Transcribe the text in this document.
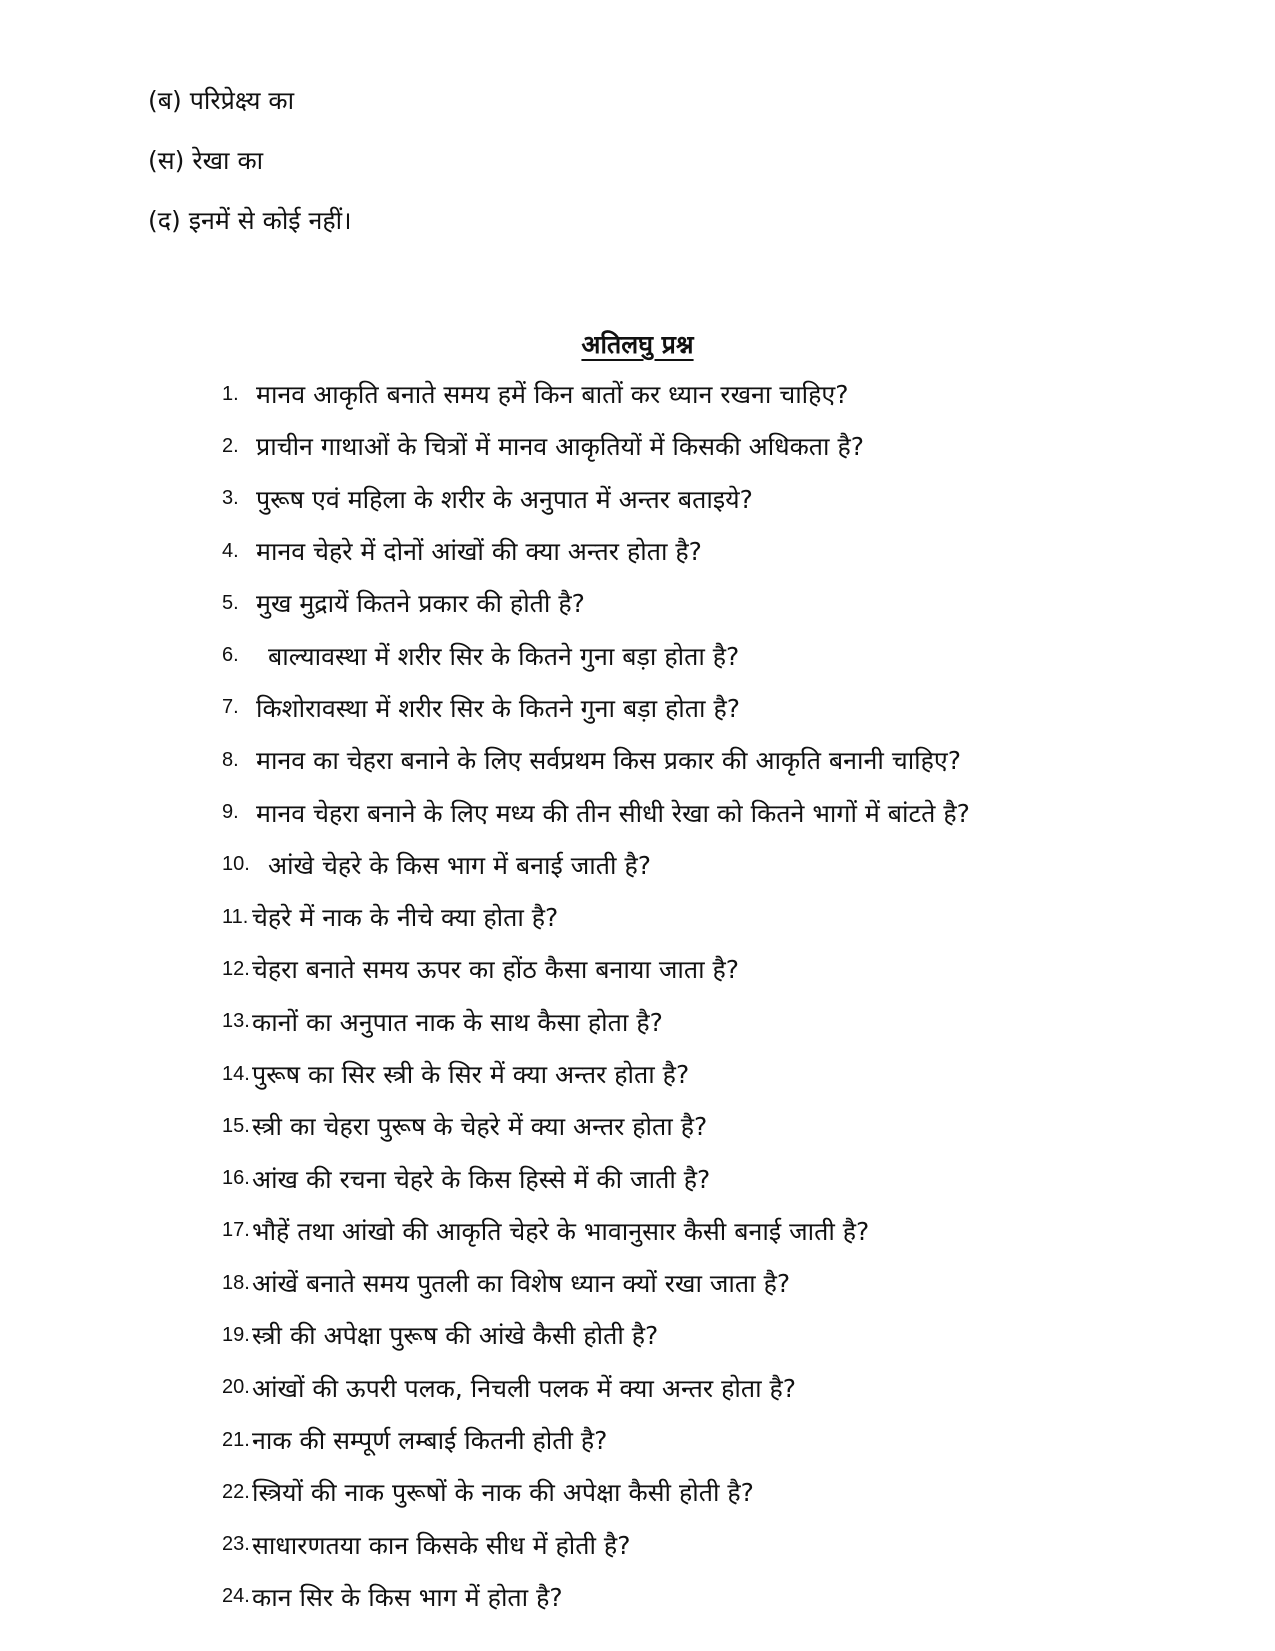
(ब) परिप्रेक्ष्य का
(स) रेखा का
(द) इनमें से कोई नहीं।
अतिलघु प्रश्न
1. मानव आकृति बनाते समय हमें किन बातों कर ध्यान रखना चाहिए?
2. प्राचीन गाथाओं के चित्रों में मानव आकृतियों में किसकी अधिकता है?
3. पुरूष एवं महिला के शरीर के अनुपात में अन्तर बताइये?
4. मानव चेहरे में दोनों आंखों की क्या अन्तर होता है?
5. मुख मुद्रायें कितने प्रकार की होती है?
6.	बाल्यावस्था में शरीर सिर के कितने गुना बड़ा होता है?
7. किशोरावस्था में शरीर सिर के कितने गुना बड़ा होता है?
8. मानव का चेहरा बनाने के लिए सर्वप्रथम किस प्रकार की आकृति बनानी चाहिए?
9. मानव चेहरा बनाने के लिए मध्य की तीन सीधी रेखा को कितने भागों में बांटते है?
10. आंखे चेहरे के किस भाग में बनाई जाती है?
11. चेहरे में नाक के नीचे क्या होता है?
12. चेहरा बनाते समय ऊपर का होंठ कैसा बनाया जाता है?
13. कानों का अनुपात नाक के साथ कैसा होता है?
14. पुरूष का सिर स्त्री के सिर में क्या अन्तर होता है?
15. स्त्री का चेहरा पुरूष के चेहरे में क्या अन्तर होता है?
16. आंख की रचना चेहरे के किस हिस्से में की जाती है?
17. भौहें तथा आंखो की आकृति चेहरे के भावानुसार कैसी बनाई जाती है?
18. आंखें बनाते समय पुतली का विशेष ध्यान क्यों रखा जाता है?
19. स्त्री की अपेक्षा पुरूष की आंखे कैसी होती है?
20. आंखों की ऊपरी पलक, निचली पलक में क्या अन्तर होता है?
21. नाक की सम्पूर्ण लम्बाई कितनी होती है?
22. स्त्रियों की नाक पुरूषों के नाक की अपेक्षा कैसी होती है?
23. साधारणतया कान किसके सीध में होती है?
24. कान सिर के किस भाग में होता है?
